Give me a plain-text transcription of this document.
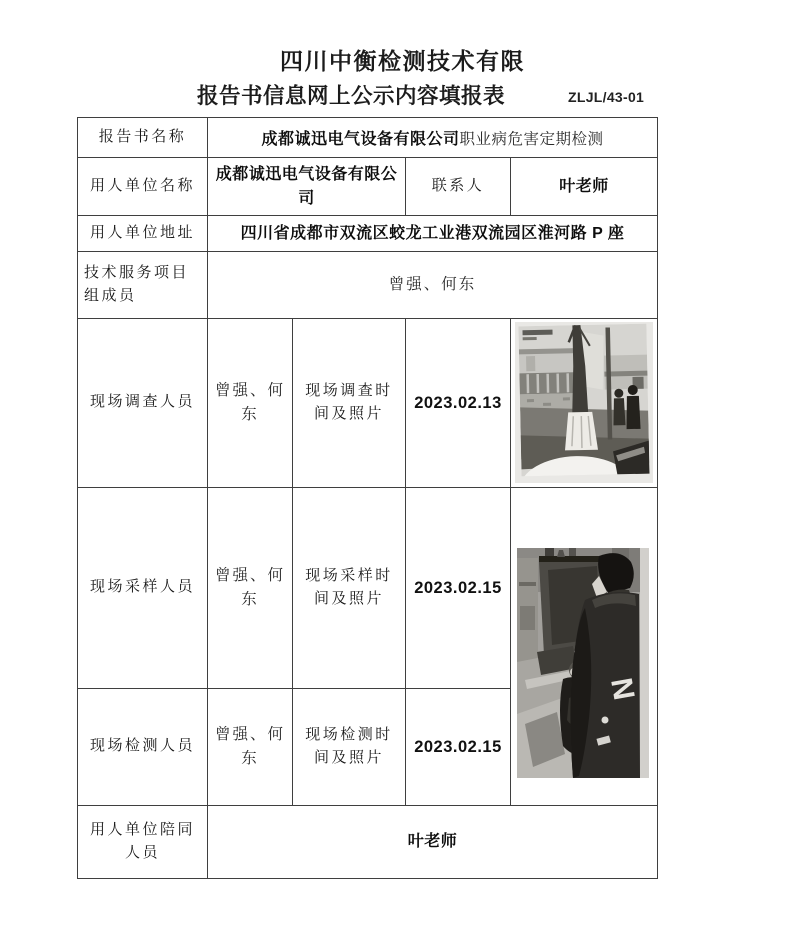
四川中衡检测技术有限
报告书信息网上公示内容填报表	ZLJL/43-01
报告书名称	成都诚迅电气设备有限公司职业病危害定期检测			
用人单位名称	成都诚迅电气设备有限公司		联系人	叶老师
用人单位地址	四川省成都市双流区蛟龙工业港双流园区淮河路 P 座			
技术服务项目组成员	曾强、何东			
现场调查人员	曾强、何东	现场调查时间及照片	2023.02.13	

现场采样人员	曾强、何东	现场采样时间及照片	2023.02.15	N

现场检测人员	曾强、何东	现场检测时间及照片	2023.02.15	
用人单位陪同人员	叶老师			
